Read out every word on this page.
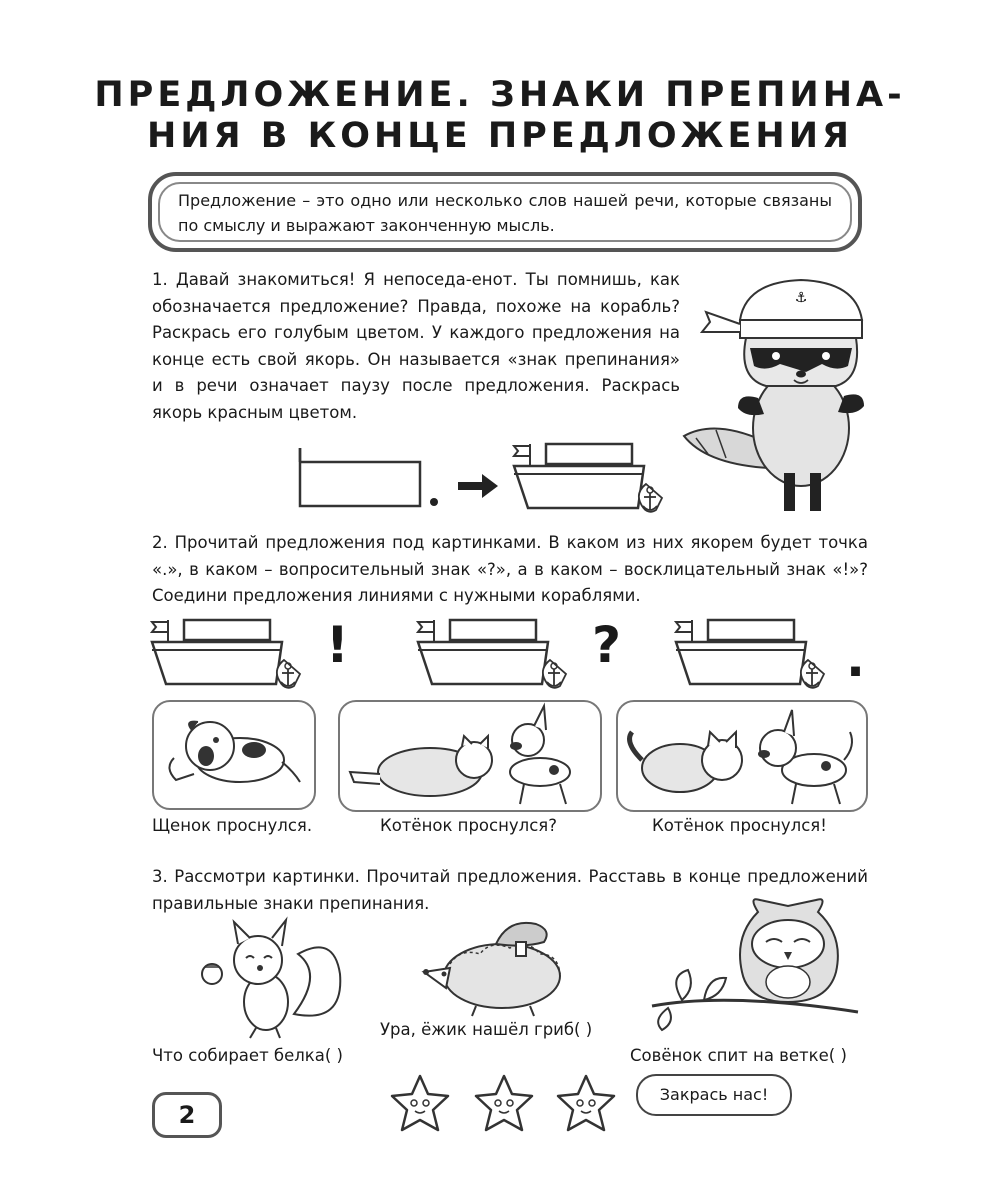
ПРЕДЛОЖЕНИЕ. ЗНАКИ ПРЕПИНА-
НИЯ В КОНЦЕ ПРЕДЛОЖЕНИЯ
Предложение – это одно или несколько слов нашей речи, которые связаны по смыслу и выражают законченную мысль.

1. Давай знакомиться! Я непоседа-енот. Ты помнишь, как обозначается предложение? Правда, похоже на корабль? Раскрась его голубым цветом. У каждого предложения на конце есть свой якорь. Он называется «знак препинания» и в речи означает паузу после предложения. Раскрась якорь красным цветом.

⚓

2. Прочитай предложения под картинками. В каком из них якорем будет точка «.», в каком – вопросительный знак «?», а в каком – восклицательный знак «!»? Соедини предложения линиями с нужными кораблями.

!	?	.
Щенок проснулся.	Котёнок проснулся?	Котёнок проснулся!

3. Рассмотри картинки. Прочитай предложения. Расставь в конце предложений правильные знаки препинания.

Что собирает белка( )
Ура, ёжик нашёл гриб( )
Совёнок спит на ветке( )
Закрась нас!
2
